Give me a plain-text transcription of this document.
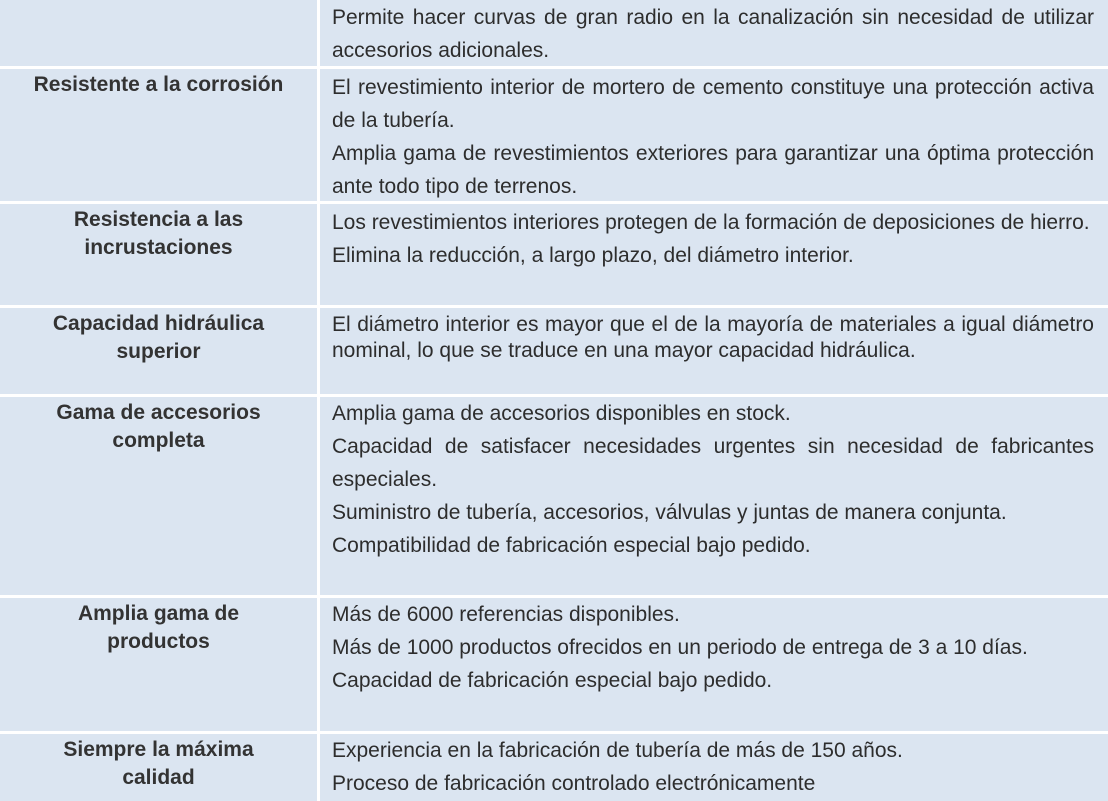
Permite hacer curvas de gran radio en la canalización sin necesidad de utilizar accesorios adicionales.

Resistente a la corrosión El revestimiento interior de mortero de cemento constituye una protección activa de la tubería.

Amplia gama de revestimientos exteriores para garantizar una óptima protección ante todo tipo de terrenos.

Resistencia a las incrustaciones

Los revestimientos interiores protegen de la formación de deposiciones de hierro.

Elimina la reducción, a largo plazo, del diámetro interior.

Capacidad hidráulica superior

El diámetro interior es mayor que el de la mayoría de materiales a igual diámetro nominal, lo que se traduce en una mayor capacidad hidráulica.

Gama de accesorios completa

Amplia gama de accesorios disponibles en stock.

Capacidad de satisfacer necesidades urgentes sin necesidad de fabricantes especiales.

Suministro de tubería, accesorios, válvulas y juntas de manera conjunta.

Compatibilidad de fabricación especial bajo pedido.

Amplia gama de productos

Más de 6000 referencias disponibles.

Más de 1000 productos ofrecidos en un periodo de entrega de 3 a 10 días.

Capacidad de fabricación especial bajo pedido.

Siempre la máxima calidad

Experiencia en la fabricación de tubería de más de 150 años.

Proceso de fabricación controlado electrónicamente
